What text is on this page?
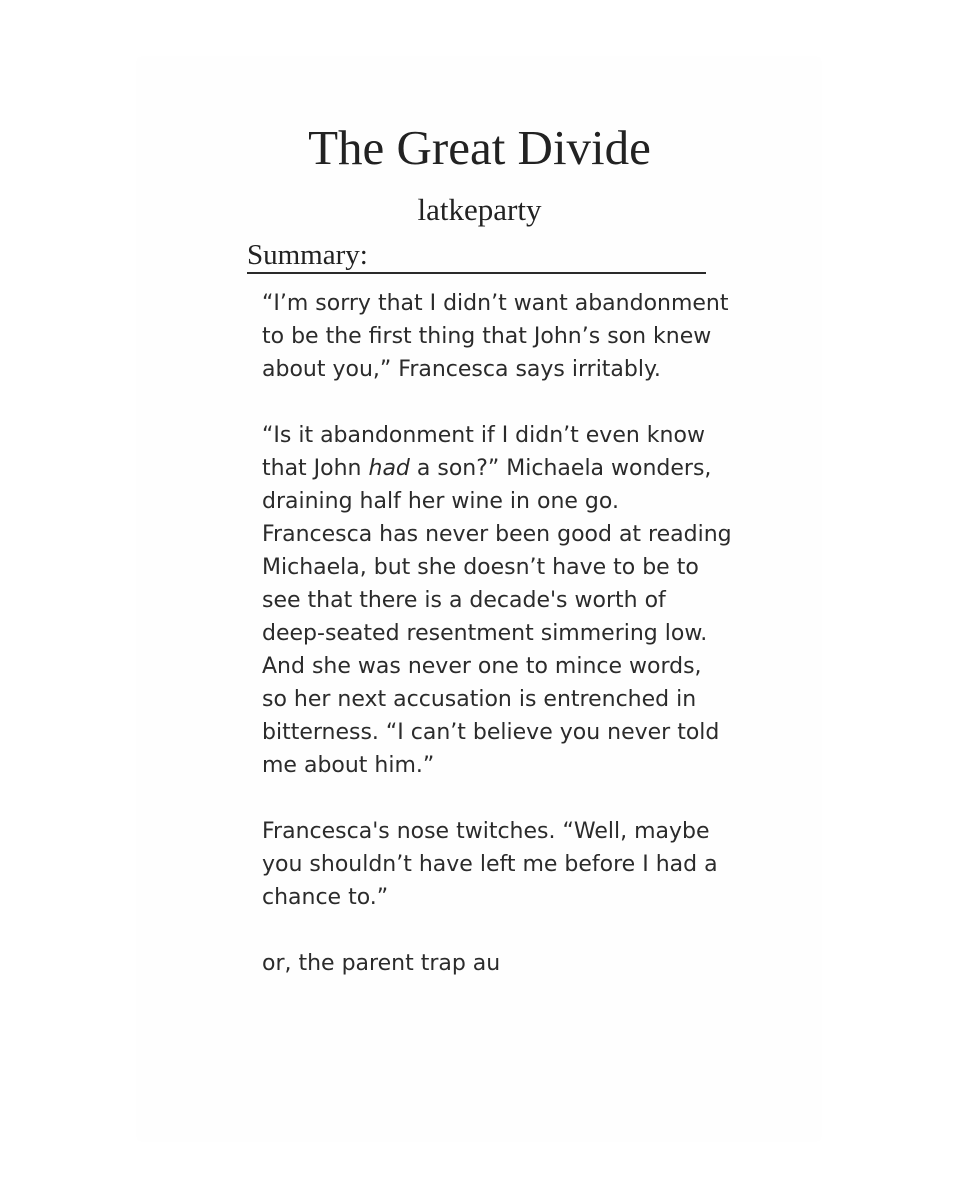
The Great Divide
latkeparty
Summary:

“I’m sorry that I didn’t want abandonment to be the first thing that John’s son knew about you,” Francesca says irritably.

“Is it abandonment if I didn’t even know that John had a son?” Michaela wonders, draining half her wine in one go. Francesca has never been good at reading Michaela, but she doesn’t have to be to see that there is a decade's worth of deep-seated resentment simmering low. And she was never one to mince words, so her next accusation is entrenched in bitterness. “I can’t believe you never told me about him.”

Francesca's nose twitches. “Well, maybe you shouldn’t have left me before I had a chance to.”

or, the parent trap au
